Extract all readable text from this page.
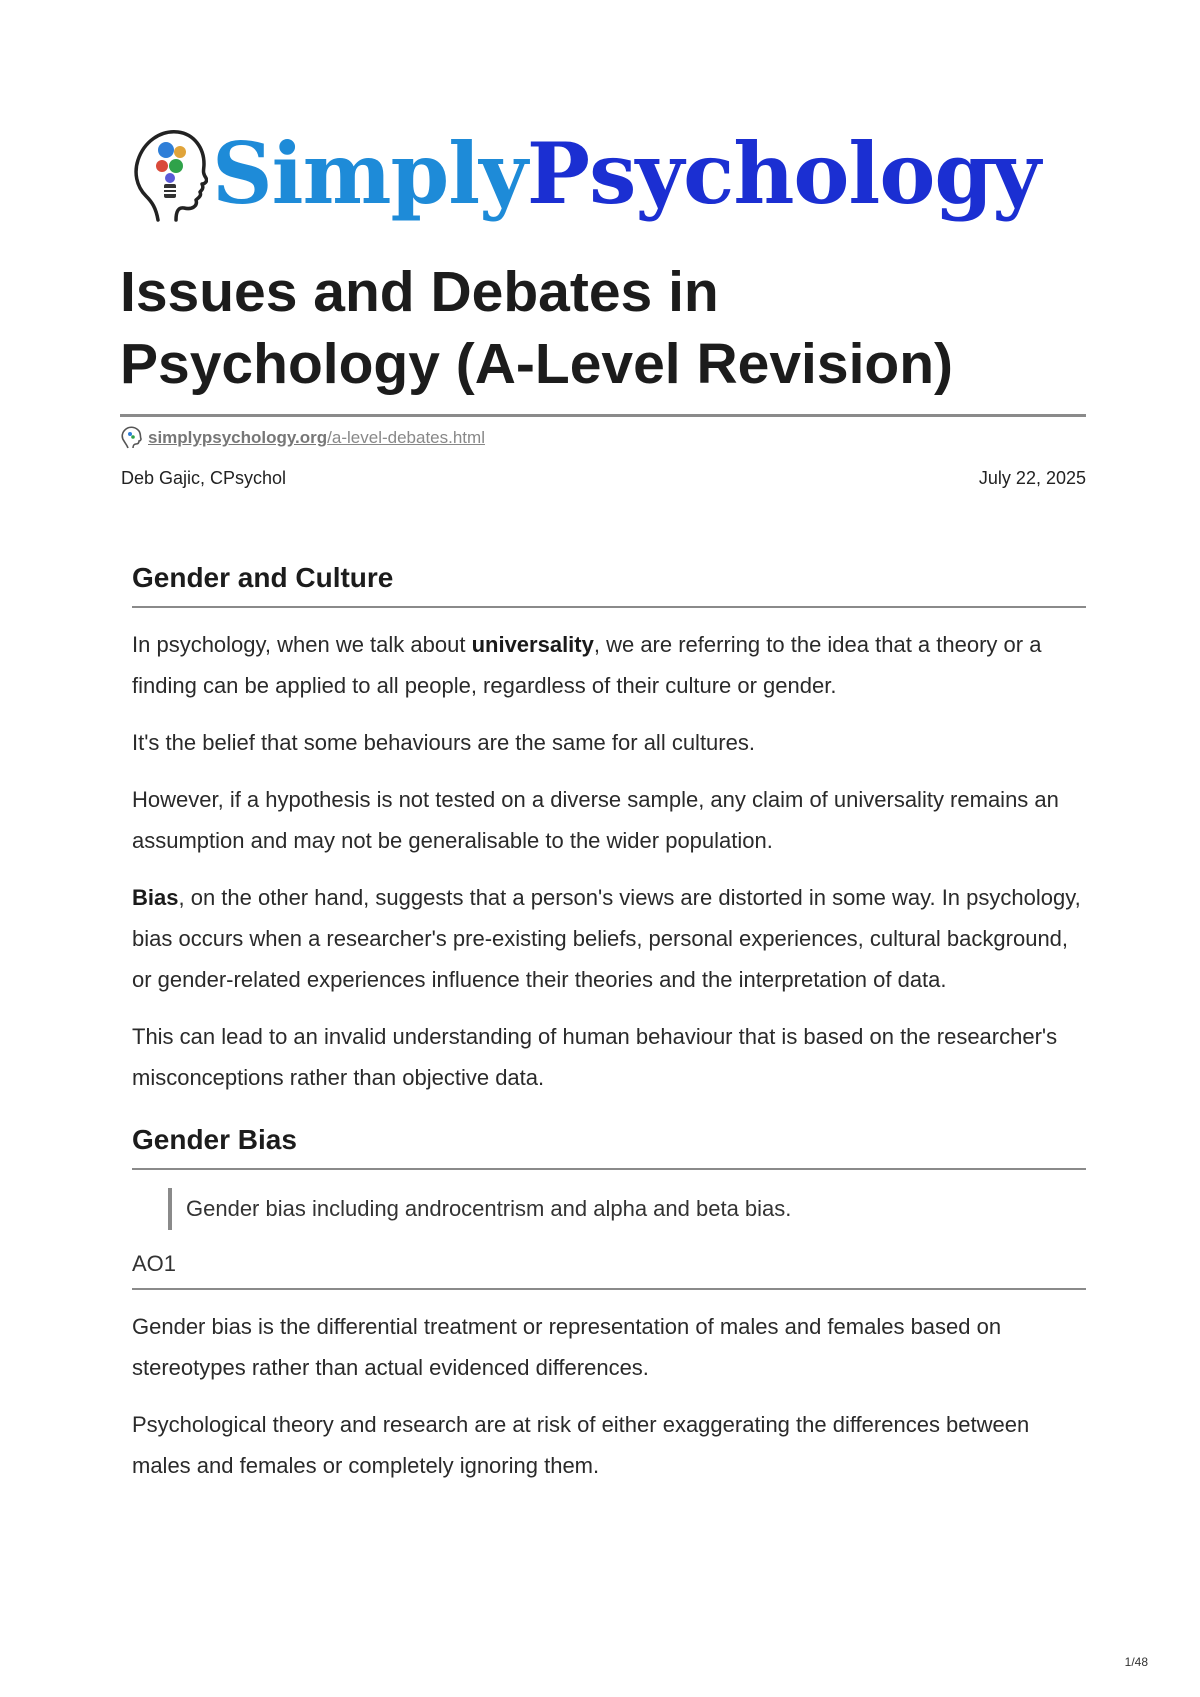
SimplyPsychology
Issues and Debates in
Psychology (A-Level Revision)
simplypsychology.org /a-level-debates.html
Deb Gajic, CPsychol	July 22, 2025
Gender and Culture

In psychology, when we talk about universality, we are referring to the idea that a theory or a finding can be applied to all people, regardless of their culture or gender.

It's the belief that some behaviours are the same for all cultures.

However, if a hypothesis is not tested on a diverse sample, any claim of universality remains an assumption and may not be generalisable to the wider population.

Bias, on the other hand, suggests that a person's views are distorted in some way. In psychology, bias occurs when a researcher's pre-existing beliefs, personal experiences, cultural background, or gender-related experiences influence their theories and the interpretation of data.

This can lead to an invalid understanding of human behaviour that is based on the researcher's misconceptions rather than objective data.

Gender Bias
Gender bias including androcentrism and alpha and beta bias.
AO1

Gender bias is the differential treatment or representation of males and females based on stereotypes rather than actual evidenced differences.

Psychological theory and research are at risk of either exaggerating the differences between males and females or completely ignoring them.

1/48
